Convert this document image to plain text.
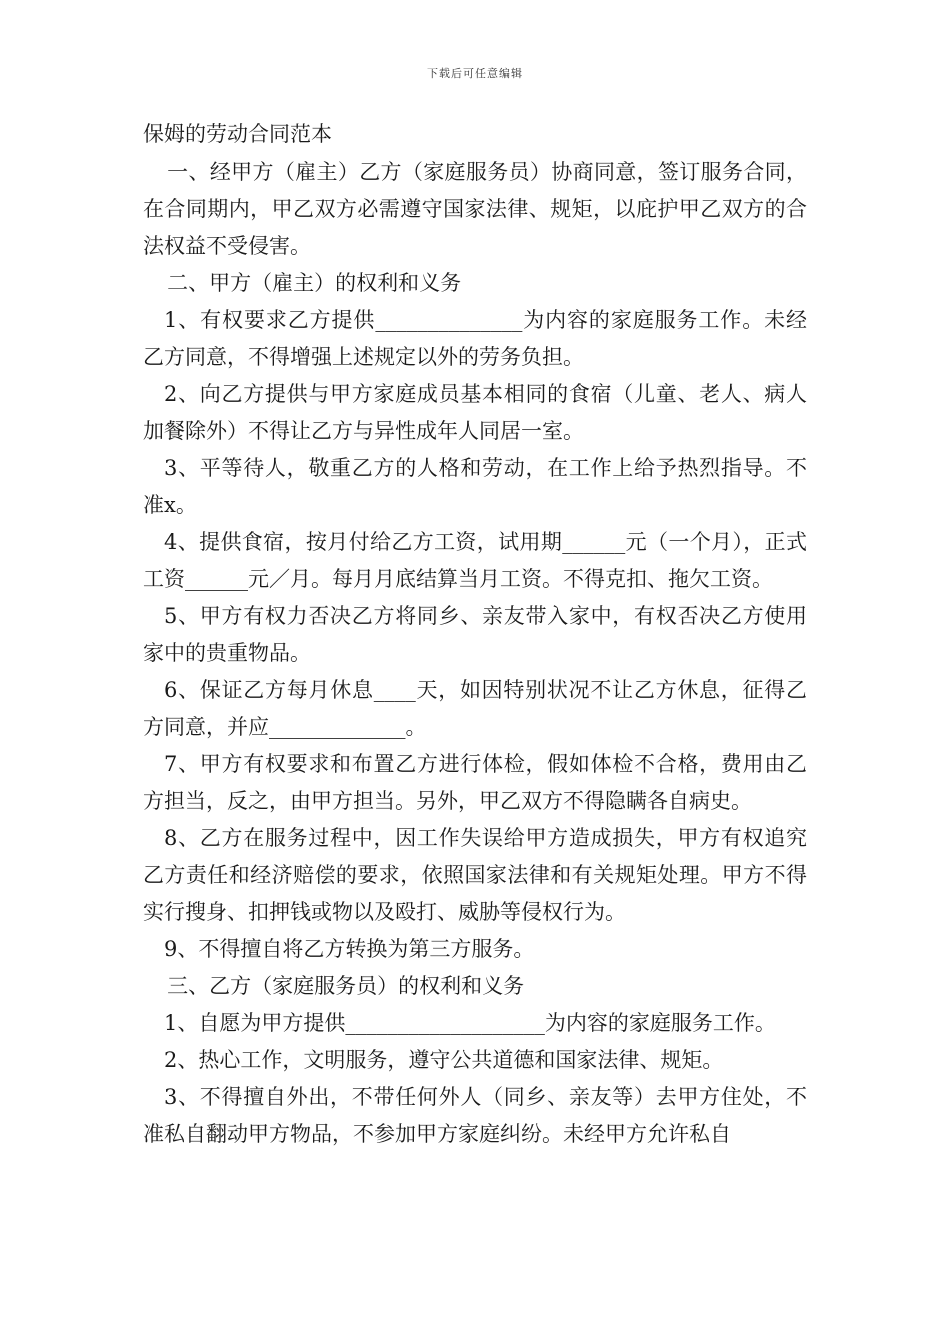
下载后可任意编辑
保姆的劳动合同范本

一、经甲方（雇主）乙方（家庭服务员）协商同意，签订服务合同，在合同期内，甲乙双方必需遵守国家法律、规矩，以庇护甲乙双方的合法权益不受侵害。

二、甲方（雇主）的权利和义务

1、有权要求乙方提供______________为内容的家庭服务工作。未经乙方同意，不得增强上述规定以外的劳务负担。

2、向乙方提供与甲方家庭成员基本相同的食宿（儿童、老人、病人加餐除外）不得让乙方与异性成年人同居一室。

3、平等待人，敬重乙方的人格和劳动，在工作上给予热烈指导。不准x。

4、提供食宿，按月付给乙方工资，试用期______元（一个月），正式工资______元／月。每月月底结算当月工资。不得克扣、拖欠工资。

5、甲方有权力否决乙方将同乡、亲友带入家中，有权否决乙方使用家中的贵重物品。

6、保证乙方每月休息____天，如因特别状况不让乙方休息，征得乙方同意，并应_____________。

7、甲方有权要求和布置乙方进行体检，假如体检不合格，费用由乙方担当，反之，由甲方担当。另外，甲乙双方不得隐瞒各自病史。

8、乙方在服务过程中，因工作失误给甲方造成损失，甲方有权追究乙方责任和经济赔偿的要求，依照国家法律和有关规矩处理。甲方不得实行搜身、扣押钱或物以及殴打、威胁等侵权行为。

9、不得擅自将乙方转换为第三方服务。

三、乙方（家庭服务员）的权利和义务

1、自愿为甲方提供___________________为内容的家庭服务工作。

2、热心工作，文明服务，遵守公共道德和国家法律、规矩。

3、不得擅自外出，不带任何外人（同乡、亲友等）去甲方住处，不准私自翻动甲方物品，不参加甲方家庭纠纷。未经甲方允许私自
